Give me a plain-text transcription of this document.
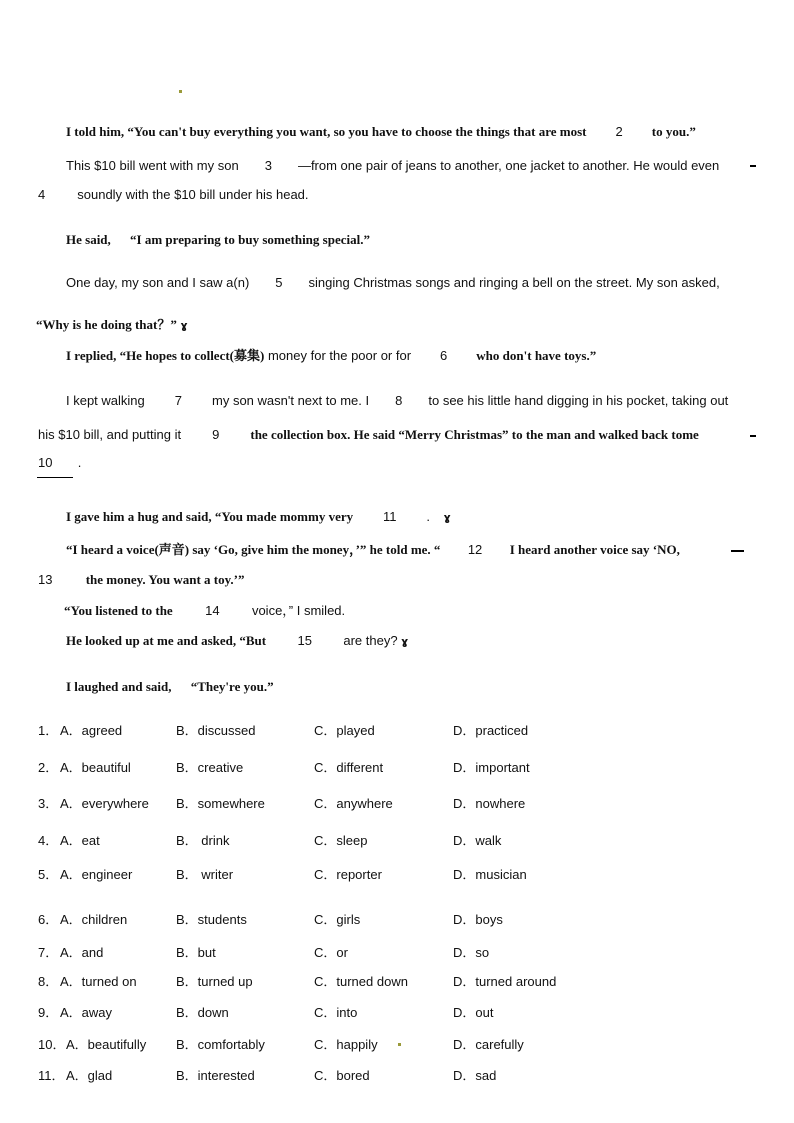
I told him, “You can't buy everything you want, so you have to choose the things that are most 2 to you.”
This $10 bill went with my son 3 —from one pair of jeans to another, one jacket to another. He would even
4 soundly with the $10 bill under his head.
He said, “I am preparing to buy something special.”
One day, my son and I saw a(n) 5 singing Christmas songs and ringing a bell on the street. My son asked,
“Why is he doing that？” ɣ
I replied, “He hopes to collect(募集) money for the poor or for 6 who don't have toys.”
I kept walking 7 my son wasn't next to me. I 8 to see his little hand digging in his pocket, taking out
his $10 bill, and putting it 9 the collection box. He said “Merry Christmas” to the man and walked back tome
10 .
I gave him a hug and said, “You made mommy very 11 . ɣ
“I heard a voice(声音) say ‘Go, give him the money，’” he told me. “ 12 I heard another voice say ‘NO,
13	the money. You want a toy.’”
“You listened to the 14 voice，” I smiled.
He looked up at me and asked, “But 15 are they? ɣ
I laughed and said, “They're you.”
1． A．agreed	B．discussed	C．played	D．practiced
2． A．beautiful	B．creative	C．different	D．important
3． A．everywhere B．somewhere	C．anywhere	D．nowhere
4． A．eat	B． drink	C．sleep	D．walk
5． A．engineer	B． writer	C．reporter	D．musician
6． A．children	B．students	C．girls	D．boys
7． A．and	B．but	C．or	D．so
8． A．turned on	B．turned up	C．turned down	D．turned around
9． A．away	B．down	C．into	D．out
10． A．beautifully B．comfortably	C．happily	D．carefully
11． A．glad	B．interested	C．bored	D．sad
